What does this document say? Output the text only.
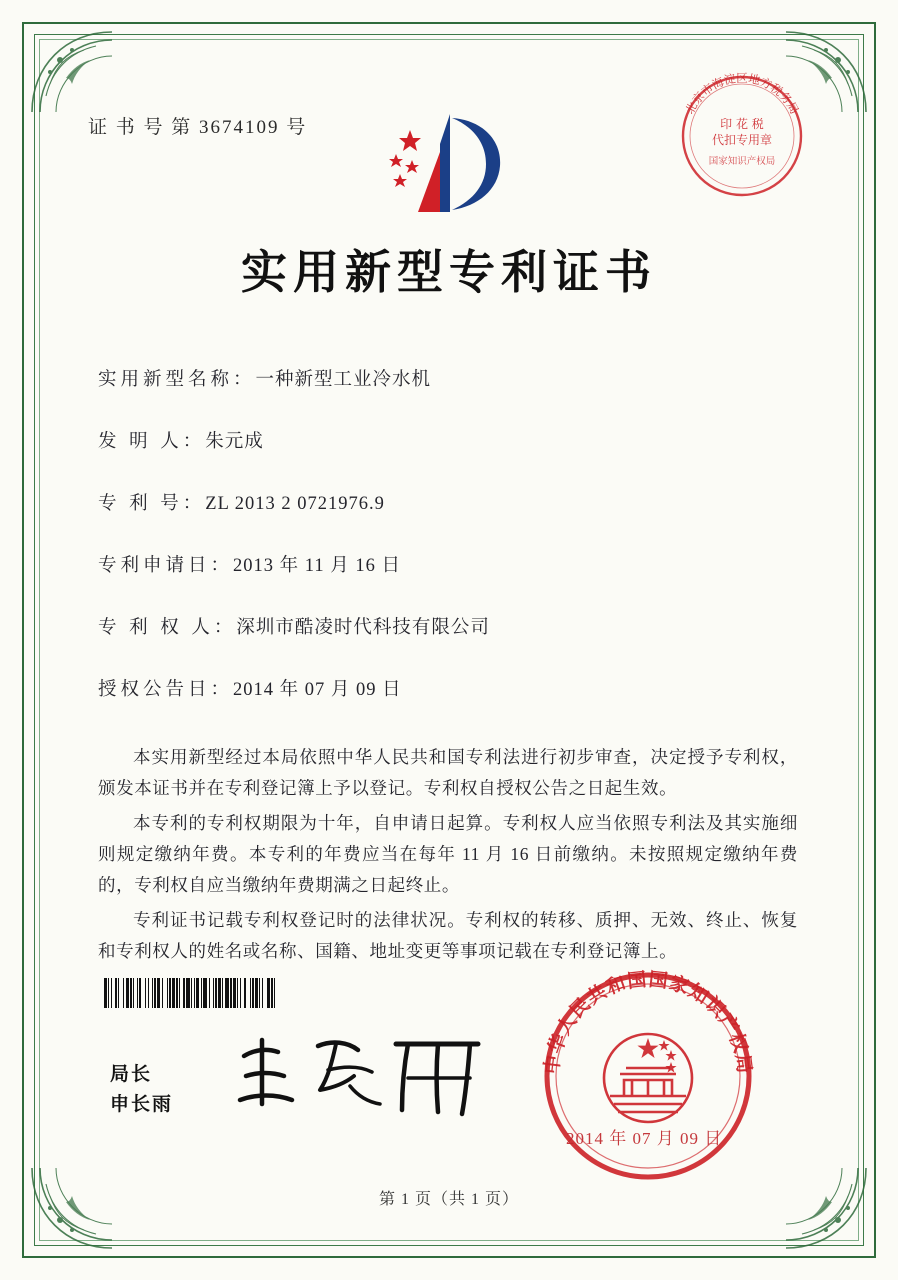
证 书 号 第 3674109 号
北京市海淀区地方税务局
印 花 税
代扣专用章
国家知识产权局
实用新型专利证书
实用新型名称：一种新型工业冷水机
发 明 人：朱元成
专 利 号：ZL 2013 2 0721976.9
专利申请日：2013 年 11 月 16 日
专 利 权 人：深圳市酷凌时代科技有限公司
授权公告日：2014 年 07 月 09 日

本实用新型经过本局依照中华人民共和国专利法进行初步审查，决定授予专利权，颁发本证书并在专利登记簿上予以登记。专利权自授权公告之日起生效。

本专利的专利权期限为十年，自申请日起算。专利权人应当依照专利法及其实施细则规定缴纳年费。本专利的年费应当在每年 11 月 16 日前缴纳。未按照规定缴纳年费的，专利权自应当缴纳年费期满之日起终止。

专利证书记载专利权登记时的法律状况。专利权的转移、质押、无效、终止、恢复和专利权人的姓名或名称、国籍、地址变更等事项记载在专利登记簿上。

局长
申长雨
中华人民共和国国家知识产权局
2014 年 07 月 09 日
第 1 页（共 1 页）
